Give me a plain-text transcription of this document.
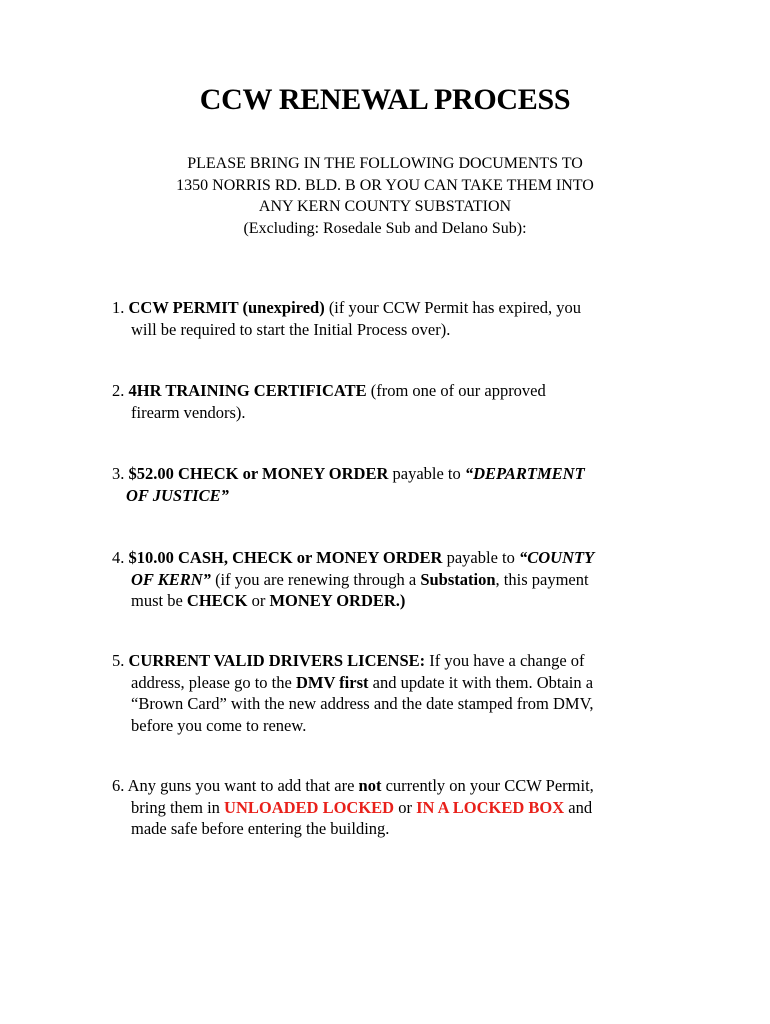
CCW RENEWAL PROCESS
PLEASE BRING IN THE FOLLOWING DOCUMENTS TO
1350 NORRIS RD. BLD. B OR YOU CAN TAKE THEM INTO
ANY KERN COUNTY SUBSTATION
(Excluding: Rosedale Sub and Delano Sub):
1. CCW PERMIT (unexpired) (if your CCW Permit has expired, you
will be required to start the Initial Process over).
2. 4HR TRAINING CERTIFICATE (from one of our approved
firearm vendors).
3. $52.00 CHECK or MONEY ORDER payable to “DEPARTMENT
OF JUSTICE”
4. $10.00 CASH, CHECK or MONEY ORDER payable to “COUNTY
OF KERN” (if you are renewing through a Substation, this payment
must be CHECK or MONEY ORDER.)
5. CURRENT VALID DRIVERS LICENSE: If you have a change of
address, please go to the DMV first and update it with them. Obtain a
“Brown Card” with the new address and the date stamped from DMV,
before you come to renew.
6. Any guns you want to add that are not currently on your CCW Permit,
bring them in UNLOADED LOCKED or IN A LOCKED BOX and
made safe before entering the building.
